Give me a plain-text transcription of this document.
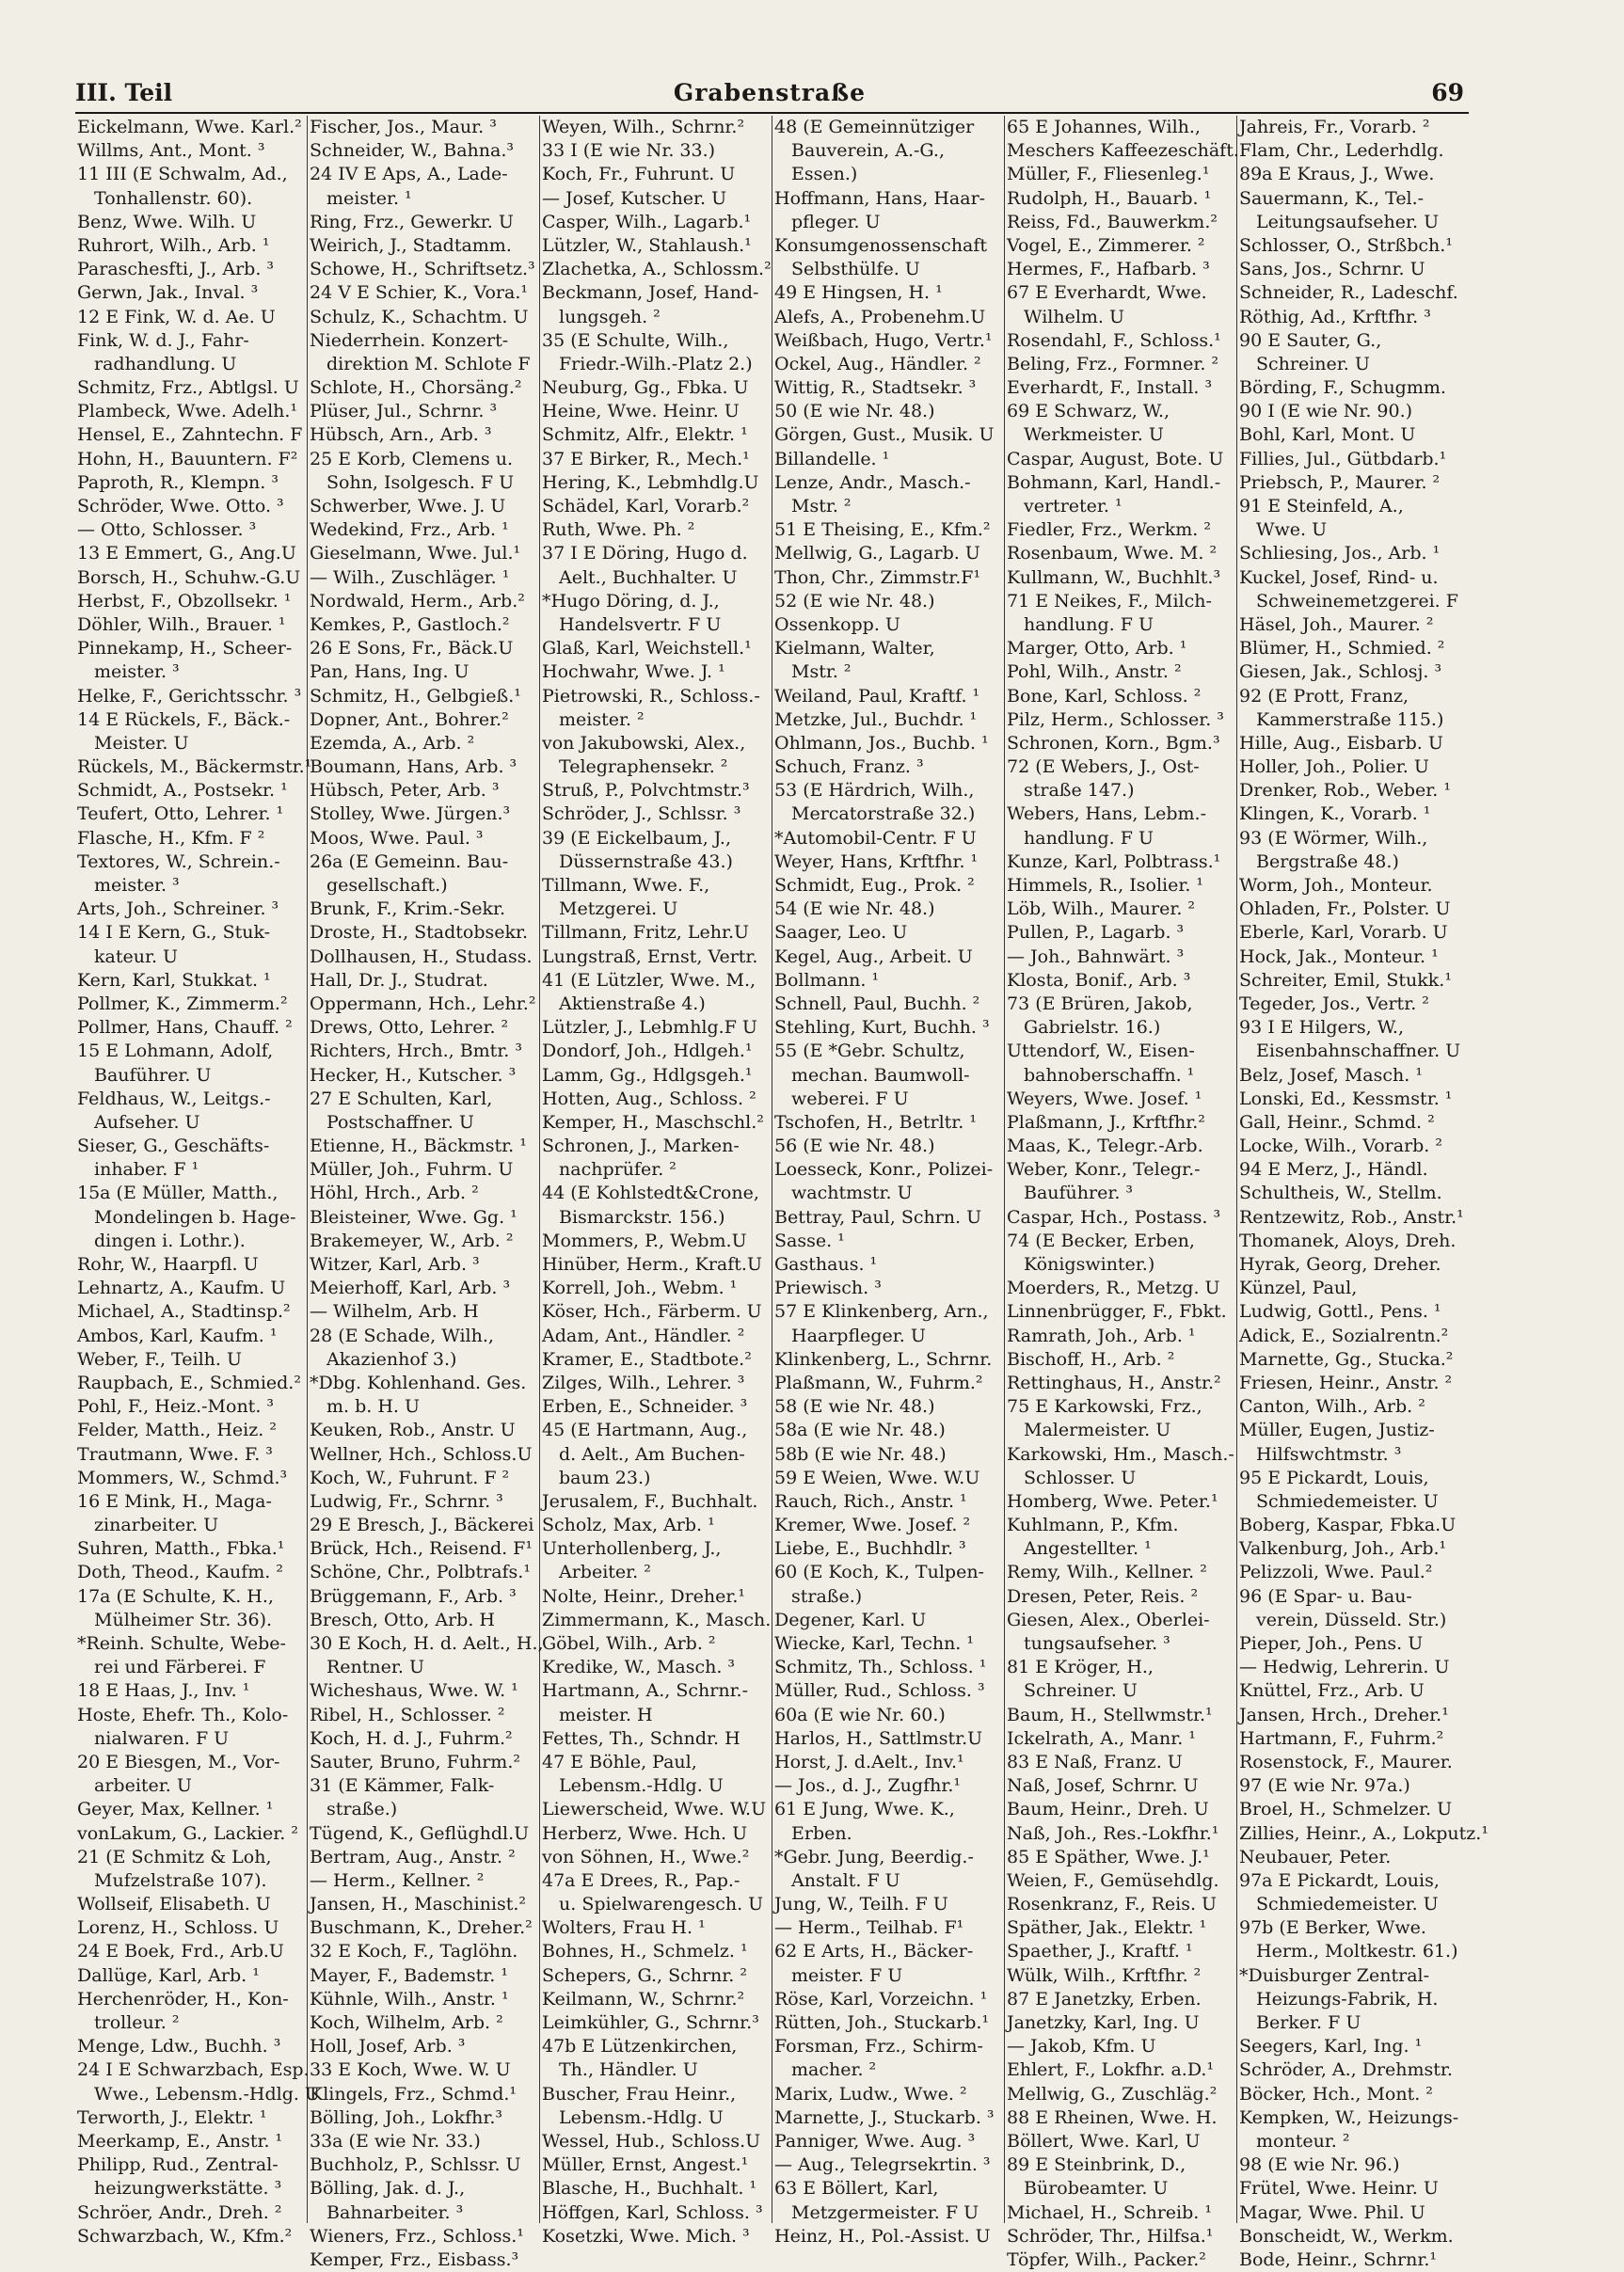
III. Teil	Grabenstraße	69
Eickelmann, Wwe. Karl.²
Willms, Ant., Mont. ³
11 III (E Schwalm, Ad.,
Tonhallenstr. 60).
Benz, Wwe. Wilh. U
Ruhrort, Wilh., Arb. ¹
Paraschesfti, J., Arb. ³
Gerwn, Jak., Inval. ³
12 E Fink, W. d. Ae. U
Fink, W. d. J., Fahr-
radhandlung. U
Schmitz, Frz., Abtlgsl. U
Plambeck, Wwe. Adelh.¹
Hensel, E., Zahntechn. F
Hohn, H., Bauuntern. F²
Paproth, R., Klempn. ³
Schröder, Wwe. Otto. ³
— Otto, Schlosser. ³
13 E Emmert, G., Ang.U
Borsch, H., Schuhw.-G.U
Herbst, F., Obzollsekr. ¹
Döhler, Wilh., Brauer. ¹
Pinnekamp, H., Scheer-
meister. ³
Helke, F., Gerichtsschr. ³
14 E Rückels, F., Bäck.-
Meister. U
Rückels, M., Bäckermstr.¹
Schmidt, A., Postsekr. ¹
Teufert, Otto, Lehrer. ¹
Flasche, H., Kfm. F ²
Textores, W., Schrein.-
meister. ³
Arts, Joh., Schreiner. ³
14 I E Kern, G., Stuk-
kateur. U
Kern, Karl, Stukkat. ¹
Pollmer, K., Zimmerm.²
Pollmer, Hans, Chauff. ²
15 E Lohmann, Adolf,
Bauführer. U
Feldhaus, W., Leitgs.-
Aufseher. U
Sieser, G., Geschäfts-
inhaber. F ¹
15a (E Müller, Matth.,
Mondelingen b. Hage-
dingen i. Lothr.).
Rohr, W., Haarpfl. U
Lehnartz, A., Kaufm. U
Michael, A., Stadtinsp.²
Ambos, Karl, Kaufm. ¹
Weber, F., Teilh. U
Raupbach, E., Schmied.²
Pohl, F., Heiz.-Mont. ³
Felder, Matth., Heiz. ²
Trautmann, Wwe. F. ³
Mommers, W., Schmd.³
16 E Mink, H., Maga-
zinarbeiter. U
Suhren, Matth., Fbka.¹
Doth, Theod., Kaufm. ²
17a (E Schulte, K. H.,
Mülheimer Str. 36).
*Reinh. Schulte, Webe-
rei und Färberei. F
18 E Haas, J., Inv. ¹
Hoste, Ehefr. Th., Kolo-
nialwaren. F U
20 E Biesgen, M., Vor-
arbeiter. U
Geyer, Max, Kellner. ¹
vonLakum, G., Lackier. ²
21 (E Schmitz & Loh,
Mufzelstraße 107).
Wollseif, Elisabeth. U
Lorenz, H., Schloss. U
24 E Boek, Frd., Arb.U
Dallüge, Karl, Arb. ¹
Herchenröder, H., Kon-
trolleur. ²
Menge, Ldw., Buchh. ³
24 I E Schwarzbach, Esp.
Wwe., Lebensm.-Hdlg. U
Terworth, J., Elektr. ¹
Meerkamp, E., Anstr. ¹
Philipp, Rud., Zentral-
heizungwerkstätte. ³
Schröer, Andr., Dreh. ²
Schwarzbach, W., Kfm.²
Fischer, Jos., Maur. ³
Schneider, W., Bahna.³
24 IV E Aps, A., Lade-
meister. ¹
Ring, Frz., Gewerkr. U
Weirich, J., Stadtamm.
Schowe, H., Schriftsetz.³
24 V E Schier, K., Vora.¹
Schulz, K., Schachtm. U
Niederrhein. Konzert-
direktion M. Schlote F
Schlote, H., Chorsäng.²
Plüser, Jul., Schrnr. ³
Hübsch, Arn., Arb. ³
25 E Korb, Clemens u.
Sohn, Isolgesch. F U
Schwerber, Wwe. J. U
Wedekind, Frz., Arb. ¹
Gieselmann, Wwe. Jul.¹
— Wilh., Zuschläger. ¹
Nordwald, Herm., Arb.²
Kemkes, P., Gastloch.²
26 E Sons, Fr., Bäck.U
Pan, Hans, Ing. U
Schmitz, H., Gelbgieß.¹
Dopner, Ant., Bohrer.²
Ezemda, A., Arb. ²
Boumann, Hans, Arb. ³
Hübsch, Peter, Arb. ³
Stolley, Wwe. Jürgen.³
Moos, Wwe. Paul. ³
26a (E Gemeinn. Bau-
gesellschaft.)
Brunk, F., Krim.-Sekr.
Droste, H., Stadtobsekr.
Dollhausen, H., Studass.
Hall, Dr. J., Studrat.
Oppermann, Hch., Lehr.²
Drews, Otto, Lehrer. ²
Richters, Hrch., Bmtr. ³
Hecker, H., Kutscher. ³
27 E Schulten, Karl,
Postschaffner. U
Etienne, H., Bäckmstr. ¹
Müller, Joh., Fuhrm. U
Höhl, Hrch., Arb. ²
Bleisteiner, Wwe. Gg. ¹
Brakemeyer, W., Arb. ²
Witzer, Karl, Arb. ³
Meierhoff, Karl, Arb. ³
— Wilhelm, Arb. H
28 (E Schade, Wilh.,
Akazienhof 3.)
*Dbg. Kohlenhand. Ges.
m. b. H. U
Keuken, Rob., Anstr. U
Wellner, Hch., Schloss.U
Koch, W., Fuhrunt. F ²
Ludwig, Fr., Schrnr. ³
29 E Bresch, J., Bäckerei
Brück, Hch., Reisend. F¹
Schöne, Chr., Polbtrafs.¹
Brüggemann, F., Arb. ³
Bresch, Otto, Arb. H
30 E Koch, H. d. Aelt., H.,
Rentner. U
Wicheshaus, Wwe. W. ¹
Ribel, H., Schlosser. ²
Koch, H. d. J., Fuhrm.²
Sauter, Bruno, Fuhrm.²
31 (E Kämmer, Falk-
straße.)
Tügend, K., Geflüghdl.U
Bertram, Aug., Anstr. ²
— Herm., Kellner. ²
Jansen, H., Maschinist.²
Buschmann, K., Dreher.²
32 E Koch, F., Taglöhn.
Mayer, F., Bademstr. ¹
Kühnle, Wilh., Anstr. ¹
Koch, Wilhelm, Arb. ²
Holl, Josef, Arb. ³
33 E Koch, Wwe. W. U
Klingels, Frz., Schmd.¹
Bölling, Joh., Lokfhr.³
33a (E wie Nr. 33.)
Buchholz, P., Schlssr. U
Bölling, Jak. d. J.,
Bahnarbeiter. ³
Wieners, Frz., Schloss.¹
Kemper, Frz., Eisbass.³
Weyen, Wilh., Schrnr.²
33 I (E wie Nr. 33.)
Koch, Fr., Fuhrunt. U
— Josef, Kutscher. U
Casper, Wilh., Lagarb.¹
Lützler, W., Stahlaush.¹
Zlachetka, A., Schlossm.²
Beckmann, Josef, Hand-
lungsgeh. ²
35 (E Schulte, Wilh.,
Friedr.-Wilh.-Platz 2.)
Neuburg, Gg., Fbka. U
Heine, Wwe. Heinr. U
Schmitz, Alfr., Elektr. ¹
37 E Birker, R., Mech.¹
Hering, K., Lebmhdlg.U
Schädel, Karl, Vorarb.²
Ruth, Wwe. Ph. ²
37 I E Döring, Hugo d.
Aelt., Buchhalter. U
*Hugo Döring, d. J.,
Handelsvertr. F U
Glaß, Karl, Weichstell.¹
Hochwahr, Wwe. J. ¹
Pietrowski, R., Schloss.-
meister. ²
von Jakubowski, Alex.,
Telegraphensekr. ²
Struß, P., Polvchtmstr.³
Schröder, J., Schlssr. ³
39 (E Eickelbaum, J.,
Düssernstraße 43.)
Tillmann, Wwe. F.,
Metzgerei. U
Tillmann, Fritz, Lehr.U
Lungstraß, Ernst, Vertr.
41 (E Lützler, Wwe. M.,
Aktienstraße 4.)
Lützler, J., Lebmhlg.F U
Dondorf, Joh., Hdlgeh.¹
Lamm, Gg., Hdlgsgeh.¹
Hotten, Aug., Schloss. ²
Kemper, H., Maschschl.²
Schronen, J., Marken-
nachprüfer. ²
44 (E Kohlstedt&Crone,
Bismarckstr. 156.)
Mommers, P., Webm.U
Hinüber, Herm., Kraft.U
Korrell, Joh., Webm. ¹
Köser, Hch., Färberm. U
Adam, Ant., Händler. ²
Kramer, E., Stadtbote.²
Zilges, Wilh., Lehrer. ³
Erben, E., Schneider. ³
45 (E Hartmann, Aug.,
d. Aelt., Am Buchen-
baum 23.)
Jerusalem, F., Buchhalt.
Scholz, Max, Arb. ¹
Unterhollenberg, J.,
Arbeiter. ²
Nolte, Heinr., Dreher.¹
Zimmermann, K., Masch.
Göbel, Wilh., Arb. ²
Kredike, W., Masch. ³
Hartmann, A., Schrnr.-
meister. H
Fettes, Th., Schndr. H
47 E Böhle, Paul,
Lebensm.-Hdlg. U
Liewerscheid, Wwe. W.U
Herberz, Wwe. Hch. U
von Söhnen, H., Wwe.²
47a E Drees, R., Pap.-
u. Spielwarengesch. U
Wolters, Frau H. ¹
Bohnes, H., Schmelz. ¹
Schepers, G., Schrnr. ²
Keilmann, W., Schrnr.²
Leimkühler, G., Schrnr.³
47b E Lützenkirchen,
Th., Händler. U
Buscher, Frau Heinr.,
Lebensm.-Hdlg. U
Wessel, Hub., Schloss.U
Müller, Ernst, Angest.¹
Blasche, H., Buchhalt. ¹
Höffgen, Karl, Schloss. ³
Kosetzki, Wwe. Mich. ³
48 (E Gemeinnütziger
Bauverein, A.-G.,
Essen.)
Hoffmann, Hans, Haar-
pfleger. U
Konsumgenossenschaft
Selbsthülfe. U
49 E Hingsen, H. ¹
Alefs, A., Probenehm.U
Weißbach, Hugo, Vertr.¹
Ockel, Aug., Händler. ²
Wittig, R., Stadtsekr. ³
50 (E wie Nr. 48.)
Görgen, Gust., Musik. U
Billandelle. ¹
Lenze, Andr., Masch.-
Mstr. ²
51 E Theising, E., Kfm.²
Mellwig, G., Lagarb. U
Thon, Chr., Zimmstr.F¹
52 (E wie Nr. 48.)
Ossenkopp. U
Kielmann, Walter,
Mstr. ²
Weiland, Paul, Kraftf. ¹
Metzke, Jul., Buchdr. ¹
Ohlmann, Jos., Buchb. ¹
Schuch, Franz. ³
53 (E Härdrich, Wilh.,
Mercatorstraße 32.)
*Automobil-Centr. F U
Weyer, Hans, Krftfhr. ¹
Schmidt, Eug., Prok. ²
54 (E wie Nr. 48.)
Saager, Leo. U
Kegel, Aug., Arbeit. U
Bollmann. ¹
Schnell, Paul, Buchh. ²
Stehling, Kurt, Buchh. ³
55 (E *Gebr. Schultz,
mechan. Baumwoll-
weberei. F U
Tschofen, H., Betrltr. ¹
56 (E wie Nr. 48.)
Loesseck, Konr., Polizei-
wachtmstr. U
Bettray, Paul, Schrn. U
Sasse. ¹
Gasthaus. ¹
Priewisch. ³
57 E Klinkenberg, Arn.,
Haarpfleger. U
Klinkenberg, L., Schrnr.
Plaßmann, W., Fuhrm.²
58 (E wie Nr. 48.)
58a (E wie Nr. 48.)
58b (E wie Nr. 48.)
59 E Weien, Wwe. W.U
Rauch, Rich., Anstr. ¹
Kremer, Wwe. Josef. ²
Liebe, E., Buchhdlr. ³
60 (E Koch, K., Tulpen-
straße.)
Degener, Karl. U
Wiecke, Karl, Techn. ¹
Schmitz, Th., Schloss. ¹
Müller, Rud., Schloss. ³
60a (E wie Nr. 60.)
Harlos, H., Sattlmstr.U
Horst, J. d.Aelt., Inv.¹
— Jos., d. J., Zugfhr.¹
61 E Jung, Wwe. K.,
Erben.
*Gebr. Jung, Beerdig.-
Anstalt. F U
Jung, W., Teilh. F U
— Herm., Teilhab. F¹
62 E Arts, H., Bäcker-
meister. F U
Röse, Karl, Vorzeichn. ¹
Rütten, Joh., Stuckarb.¹
Forsman, Frz., Schirm-
macher. ²
Marix, Ludw., Wwe. ²
Marnette, J., Stuckarb. ³
Panniger, Wwe. Aug. ³
— Aug., Telegrsekrtin. ³
63 E Böllert, Karl,
Metzgermeister. F U
Heinz, H., Pol.-Assist. U
65 E Johannes, Wilh.,
Meschers Kaffeezeschäft.
Müller, F., Fliesenleg.¹
Rudolph, H., Bauarb. ¹
Reiss, Fd., Bauwerkm.²
Vogel, E., Zimmerer. ²
Hermes, F., Hafbarb. ³
67 E Everhardt, Wwe.
Wilhelm. U
Rosendahl, F., Schloss.¹
Beling, Frz., Formner. ²
Everhardt, F., Install. ³
69 E Schwarz, W.,
Werkmeister. U
Caspar, August, Bote. U
Bohmann, Karl, Handl.-
vertreter. ¹
Fiedler, Frz., Werkm. ²
Rosenbaum, Wwe. M. ²
Kullmann, W., Buchhlt.³
71 E Neikes, F., Milch-
handlung. F U
Marger, Otto, Arb. ¹
Pohl, Wilh., Anstr. ²
Bone, Karl, Schloss. ²
Pilz, Herm., Schlosser. ³
Schronen, Korn., Bgm.³
72 (E Webers, J., Ost-
straße 147.)
Webers, Hans, Lebm.-
handlung. F U
Kunze, Karl, Polbtrass.¹
Himmels, R., Isolier. ¹
Löb, Wilh., Maurer. ²
Pullen, P., Lagarb. ³
— Joh., Bahnwärt. ³
Klosta, Bonif., Arb. ³
73 (E Brüren, Jakob,
Gabrielstr. 16.)
Uttendorf, W., Eisen-
bahnoberschaffn. ¹
Weyers, Wwe. Josef. ¹
Plaßmann, J., Krftfhr.²
Maas, K., Telegr.-Arb.
Weber, Konr., Telegr.-
Bauführer. ³
Caspar, Hch., Postass. ³
74 (E Becker, Erben,
Königswinter.)
Moerders, R., Metzg. U
Linnenbrügger, F., Fbkt.
Ramrath, Joh., Arb. ¹
Bischoff, H., Arb. ²
Rettinghaus, H., Anstr.²
75 E Karkowski, Frz.,
Malermeister. U
Karkowski, Hm., Masch.-
Schlosser. U
Homberg, Wwe. Peter.¹
Kuhlmann, P., Kfm.
Angestellter. ¹
Remy, Wilh., Kellner. ²
Dresen, Peter, Reis. ²
Giesen, Alex., Oberlei-
tungsaufseher. ³
81 E Kröger, H.,
Schreiner. U
Baum, H., Stellwmstr.¹
Ickelrath, A., Manr. ¹
83 E Naß, Franz. U
Naß, Josef, Schrnr. U
Baum, Heinr., Dreh. U
Naß, Joh., Res.-Lokfhr.¹
85 E Späther, Wwe. J.¹
Weien, F., Gemüsehdlg.
Rosenkranz, F., Reis. U
Späther, Jak., Elektr. ¹
Spaether, J., Kraftf. ¹
Wülk, Wilh., Krftfhr. ²
87 E Janetzky, Erben.
Janetzky, Karl, Ing. U
— Jakob, Kfm. U
Ehlert, F., Lokfhr. a.D.¹
Mellwig, G., Zuschläg.²
88 E Rheinen, Wwe. H.
Böllert, Wwe. Karl, U
89 E Steinbrink, D.,
Bürobeamter. U
Michael, H., Schreib. ¹
Schröder, Thr., Hilfsa.¹
Töpfer, Wilh., Packer.²
Jahreis, Fr., Vorarb. ²
Flam, Chr., Lederhdlg.
89a E Kraus, J., Wwe.
Sauermann, K., Tel.-
Leitungsaufseher. U
Schlosser, O., Strßbch.¹
Sans, Jos., Schrnr. U
Schneider, R., Ladeschf.
Röthig, Ad., Krftfhr. ³
90 E Sauter, G.,
Schreiner. U
Börding, F., Schugmm.
90 I (E wie Nr. 90.)
Bohl, Karl, Mont. U
Fillies, Jul., Gütbdarb.¹
Priebsch, P., Maurer. ²
91 E Steinfeld, A.,
Wwe. U
Schliesing, Jos., Arb. ¹
Kuckel, Josef, Rind- u.
Schweinemetzgerei. F
Häsel, Joh., Maurer. ²
Blümer, H., Schmied. ²
Giesen, Jak., Schlosj. ³
92 (E Prott, Franz,
Kammerstraße 115.)
Hille, Aug., Eisbarb. U
Holler, Joh., Polier. U
Drenker, Rob., Weber. ¹
Klingen, K., Vorarb. ¹
93 (E Wörmer, Wilh.,
Bergstraße 48.)
Worm, Joh., Monteur.
Ohladen, Fr., Polster. U
Eberle, Karl, Vorarb. U
Hock, Jak., Monteur. ¹
Schreiter, Emil, Stukk.¹
Tegeder, Jos., Vertr. ²
93 I E Hilgers, W.,
Eisenbahnschaffner. U
Belz, Josef, Masch. ¹
Lonski, Ed., Kessmstr. ¹
Gall, Heinr., Schmd. ²
Locke, Wilh., Vorarb. ²
94 E Merz, J., Händl.
Schultheis, W., Stellm.
Rentzewitz, Rob., Anstr.¹
Thomanek, Aloys, Dreh.
Hyrak, Georg, Dreher.
Künzel, Paul,
Ludwig, Gottl., Pens. ¹
Adick, E., Sozialrentn.²
Marnette, Gg., Stucka.²
Friesen, Heinr., Anstr. ²
Canton, Wilh., Arb. ²
Müller, Eugen, Justiz-
Hilfswchtmstr. ³
95 E Pickardt, Louis,
Schmiedemeister. U
Boberg, Kaspar, Fbka.U
Valkenburg, Joh., Arb.¹
Pelizzoli, Wwe. Paul.²
96 (E Spar- u. Bau-
verein, Düsseld. Str.)
Pieper, Joh., Pens. U
— Hedwig, Lehrerin. U
Knüttel, Frz., Arb. U
Jansen, Hrch., Dreher.¹
Hartmann, F., Fuhrm.²
Rosenstock, F., Maurer.
97 (E wie Nr. 97a.)
Broel, H., Schmelzer. U
Zillies, Heinr., A., Lokputz.¹
Neubauer, Peter.
97a E Pickardt, Louis,
Schmiedemeister. U
97b (E Berker, Wwe.
Herm., Moltkestr. 61.)
*Duisburger Zentral-
Heizungs-Fabrik, H.
Berker. F U
Seegers, Karl, Ing. ¹
Schröder, A., Drehmstr.
Böcker, Hch., Mont. ²
Kempken, W., Heizungs-
monteur. ²
98 (E wie Nr. 96.)
Frütel, Wwe. Heinr. U
Magar, Wwe. Phil. U
Bonscheidt, W., Werkm.
Bode, Heinr., Schrnr.¹
